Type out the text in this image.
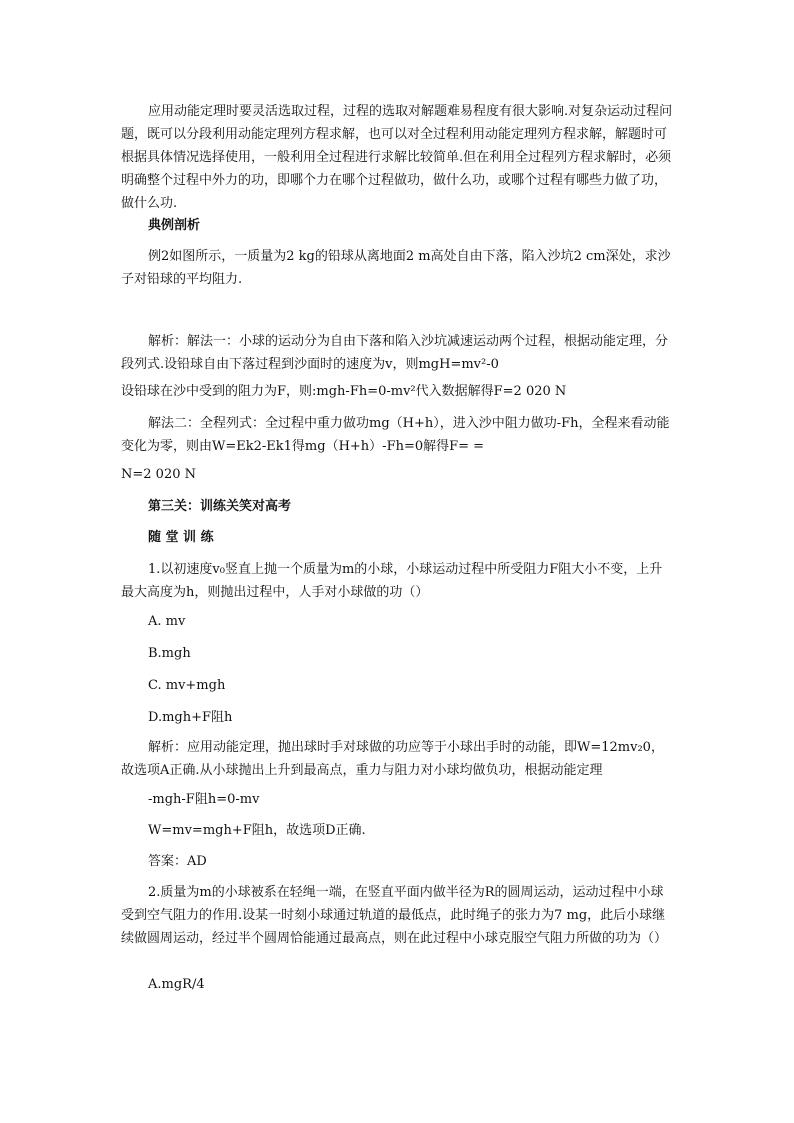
应用动能定理时要灵活选取过程，过程的选取对解题难易程度有很大影响.对复杂运动过程问题，既可以分段利用动能定理列方程求解，也可以对全过程利用动能定理列方程求解，解题时可根据具体情况选择使用，一般利用全过程进行求解比较简单.但在利用全过程列方程求解时，必须明确整个过程中外力的功，即哪个力在哪个过程做功，做什么功，或哪个过程有哪些力做了功，做什么功.

典例剖析

例2如图所示，一质量为2 kg的铅球从离地面2 m高处自由下落，陷入沙坑2 cm深处，求沙子对铅球的平均阻力.

解析：解法一：小球的运动分为自由下落和陷入沙坑减速运动两个过程，根据动能定理，分段列式.设铅球自由下落过程到沙面时的速度为v，则mgH=mv²-0

设铅球在沙中受到的阻力为F，则:mgh-Fh=0-mv²代入数据解得F=2 020 N

解法二：全程列式：全过程中重力做功mg（H+h），进入沙中阻力做功-Fh，全程来看动能变化为零，则由W=Ek2-Ek1得mg（H+h）-Fh=0解得F= =

N=2 020 N

第三关：训练关笑对高考

随 堂 训 练

1.以初速度v₀竖直上抛一个质量为m的小球，小球运动过程中所受阻力F阻大小不变，上升最大高度为h，则抛出过程中，人手对小球做的功（）

A. mv

B.mgh

C. mv+mgh

D.mgh+F阻h

解析：应用动能定理，抛出球时手对球做的功应等于小球出手时的动能，即W=12mv₂0，故选项A正确.从小球抛出上升到最高点，重力与阻力对小球均做负功，根据动能定理

-mgh-F阻h=0-mv

W=mv=mgh+F阻h，故选项D正确.

答案：AD

2.质量为m的小球被系在轻绳一端，在竖直平面内做半径为R的圆周运动，运动过程中小球受到空气阻力的作用.设某一时刻小球通过轨道的最低点，此时绳子的张力为7 mg，此后小球继续做圆周运动，经过半个圆周恰能通过最高点，则在此过程中小球克服空气阻力所做的功为（）

A.mgR/4
